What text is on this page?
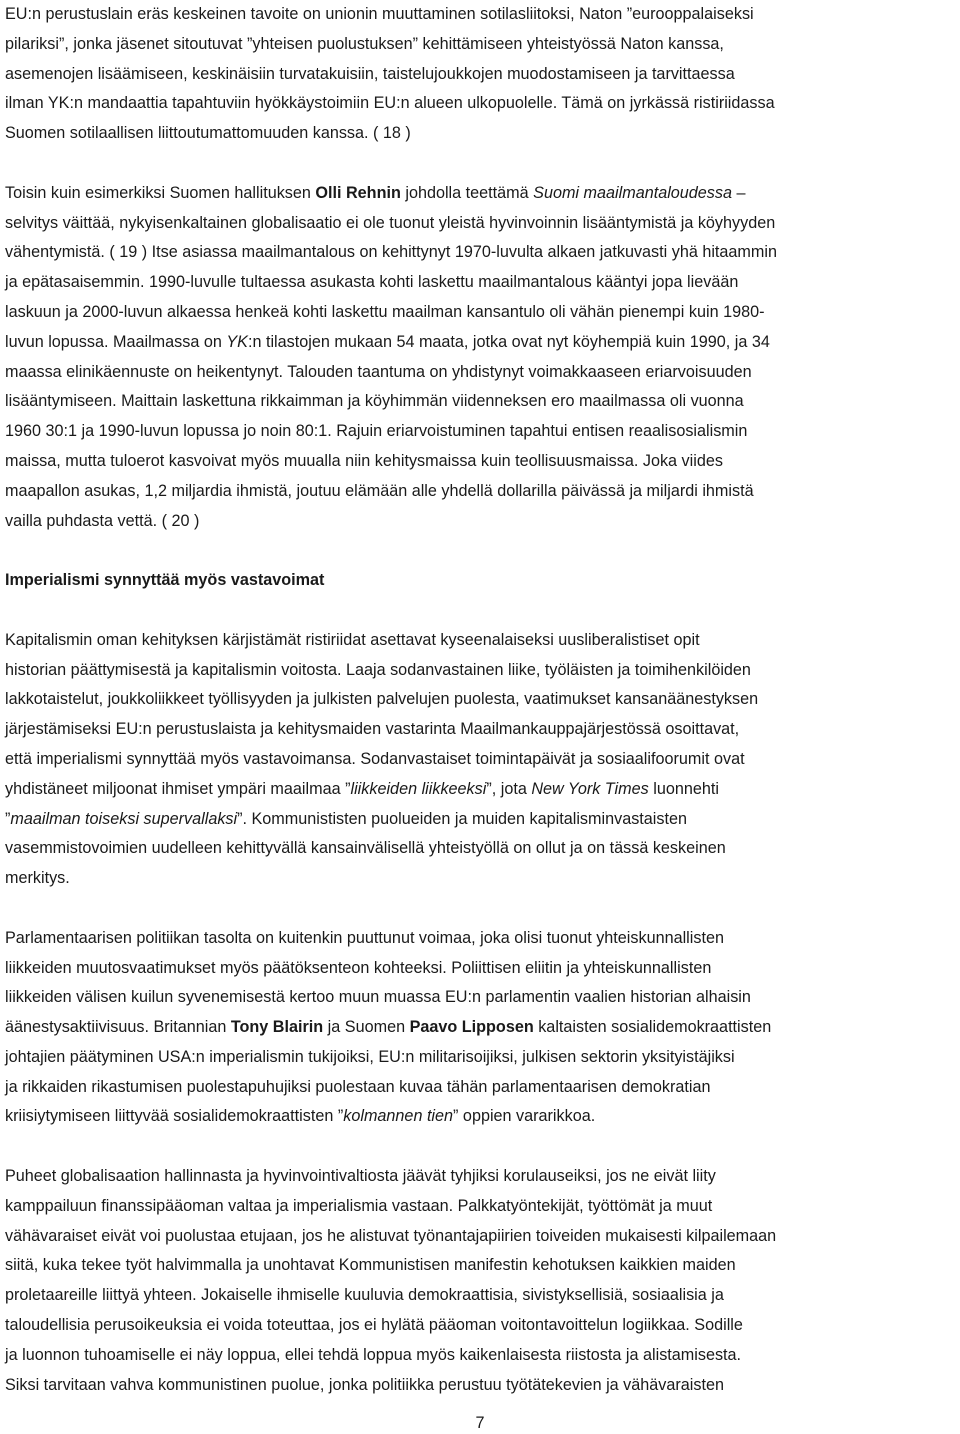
EU:n perustuslain eräs keskeinen tavoite on unionin muuttaminen sotilasliitoksi, Naton ”eurooppalaiseksi
pilariksi”, jonka jäsenet sitoutuvat ”yhteisen puolustuksen” kehittämiseen yhteistyössä Naton kanssa,
asemenojen lisäämiseen, keskinäisiin turvatakuisiin, taistelujoukkojen muodostamiseen ja tarvittaessa
ilman YK:n mandaattia tapahtuviin hyökkäystoimiin EU:n alueen ulkopuolelle. Tämä on jyrkässä ristiriidassa
Suomen sotilaallisen liittoutumattomuuden kanssa. ( 18 )
Toisin kuin esimerkiksi Suomen hallituksen Olli Rehnin johdolla teettämä Suomi maailmantaloudessa –
selvitys väittää, nykyisenkaltainen globalisaatio ei ole tuonut yleistä hyvinvoinnin lisääntymistä ja köyhyyden
vähentymistä. ( 19 ) Itse asiassa maailmantalous on kehittynyt 1970-luvulta alkaen jatkuvasti yhä hitaammin
ja epätasaisemmin. 1990-luvulle tultaessa asukasta kohti laskettu maailmantalous kääntyi jopa lievään
laskuun ja 2000-luvun alkaessa henkeä kohti laskettu maailman kansantulo oli vähän pienempi kuin 1980-
luvun lopussa. Maailmassa on YK:n tilastojen mukaan 54 maata, jotka ovat nyt köyhempiä kuin 1990, ja 34
maassa elinikäennuste on heikentynyt. Talouden taantuma on yhdistynyt voimakkaaseen eriarvoisuuden
lisääntymiseen. Maittain laskettuna rikkaimman ja köyhimmän viidenneksen ero maailmassa oli vuonna
1960 30:1 ja 1990-luvun lopussa jo noin 80:1. Rajuin eriarvoistuminen tapahtui entisen reaalisosialismin
maissa, mutta tuloerot kasvoivat myös muualla niin kehitysmaissa kuin teollisuusmaissa. Joka viides
maapallon asukas, 1,2 miljardia ihmistä, joutuu elämään alle yhdellä dollarilla päivässä ja miljardi ihmistä
vailla puhdasta vettä. ( 20 )
Imperialismi synnyttää myös vastavoimat
Kapitalismin oman kehityksen kärjistämät ristiriidat asettavat kyseenalaiseksi uusliberalistiset opit
historian päättymisestä ja kapitalismin voitosta. Laaja sodanvastainen liike, työläisten ja toimihenkilöiden
lakkotaistelut, joukkoliikkeet työllisyyden ja julkisten palvelujen puolesta, vaatimukset kansanäänestyksen
järjestämiseksi EU:n perustuslaista ja kehitysmaiden vastarinta Maailmankauppajärjestössä osoittavat,
että imperialismi synnyttää myös vastavoimansa. Sodanvastaiset toimintapäivät ja sosiaalifoorumit ovat
yhdistäneet miljoonat ihmiset ympäri maailmaa ”liikkeiden liikkeeksi”, jota New York Times luonnehti
”maailman toiseksi supervallaksi”. Kommunististen puolueiden ja muiden kapitalisminvastaisten
vasemmistovoimien uudelleen kehittyvällä kansainvälisellä yhteistyöllä on ollut ja on tässä keskeinen
merkitys.
Parlamentaarisen politiikan tasolta on kuitenkin puuttunut voimaa, joka olisi tuonut yhteiskunnallisten
liikkeiden muutosvaatimukset myös päätöksenteon kohteeksi. Poliittisen eliitin ja yhteiskunnallisten
liikkeiden välisen kuilun syvenemisestä kertoo muun muassa EU:n parlamentin vaalien historian alhaisin
äänestysaktiivisuus. Britannian Tony Blairin ja Suomen Paavo Lipposen kaltaisten sosialidemokraattisten
johtajien päätyminen USA:n imperialismin tukijoiksi, EU:n militarisoijiksi, julkisen sektorin yksityistäjiksi
ja rikkaiden rikastumisen puolestapuhujiksi puolestaan kuvaa tähän parlamentaarisen demokratian
kriisiytymiseen liittyvää sosialidemokraattisten ”kolmannen tien” oppien vararikkoa.
Puheet globalisaation hallinnasta ja hyvinvointivaltiosta jäävät tyhjiksi korulauseiksi, jos ne eivät liity
kamppailuun finanssipääoman valtaa ja imperialismia vastaan. Palkkatyöntekijät, työttömät ja muut
vähävaraiset eivät voi puolustaa etujaan, jos he alistuvat työnantajapiirien toiveiden mukaisesti kilpailemaan
siitä, kuka tekee työt halvimmalla ja unohtavat Kommunistisen manifestin kehotuksen kaikkien maiden
proletaareille liittyä yhteen. Jokaiselle ihmiselle kuuluvia demokraattisia, sivistyksellisiä, sosiaalisia ja
taloudellisia perusoikeuksia ei voida toteuttaa, jos ei hylätä pääoman voitontavoittelun logiikkaa. Sodille
ja luonnon tuhoamiselle ei näy loppua, ellei tehdä loppua myös kaikenlaisesta riistosta ja alistamisesta.
Siksi tarvitaan vahva kommunistinen puolue, jonka politiikka perustuu työtätekevien ja vähävaraisten
7
